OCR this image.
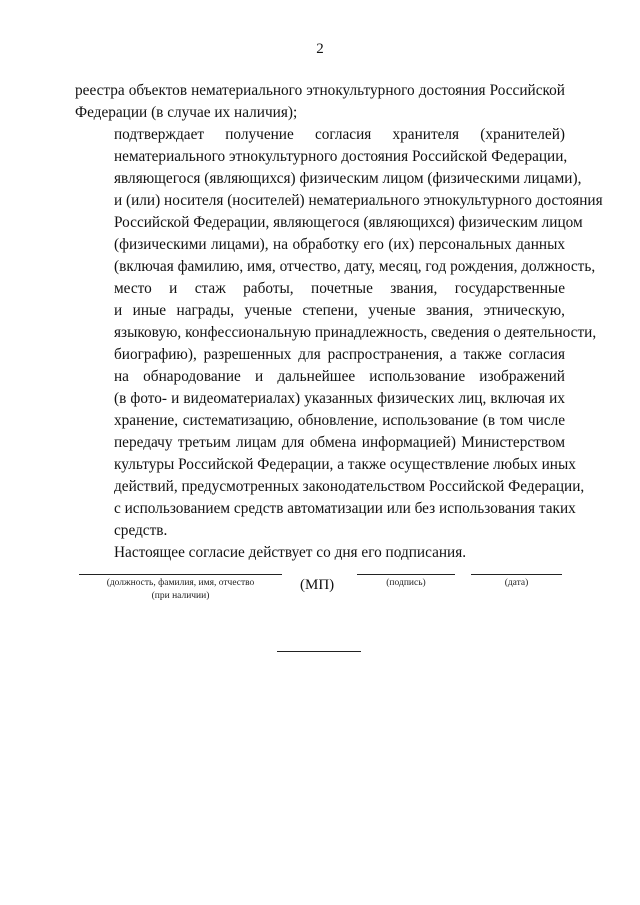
2
реестра объектов нематериального этнокультурного достояния Российской
Федерации (в случае их наличия);
подтверждает получение согласия хранителя (хранителей)
нематериального этнокультурного достояния Российской Федерации,
являющегося (являющихся) физическим лицом (физическими лицами),
и (или) носителя (носителей) нематериального этнокультурного достояния
Российской Федерации, являющегося (являющихся) физическим лицом
(физическими лицами), на обработку его (их) персональных данных
(включая фамилию, имя, отчество, дату, месяц, год рождения, должность,
место и стаж работы, почетные звания, государственные
и иные награды, ученые степени, ученые звания, этническую,
языковую, конфессиональную принадлежность, сведения о деятельности,
биографию), разрешенных для распространения, а также согласия
на обнародование и дальнейшее использование изображений
(в фото- и видеоматериалах) указанных физических лиц, включая их
хранение, систематизацию, обновление, использование (в том числе
передачу третьим лицам для обмена информацией) Министерством
культуры Российской Федерации, а также осуществление любых иных
действий, предусмотренных законодательством Российской Федерации,
с использованием средств автоматизации или без использования таких
средств.
Настоящее согласие действует со дня его подписания.
(должность, фамилия, имя, отчество
(при наличии)
(МП)	(подпись)	(дата)
